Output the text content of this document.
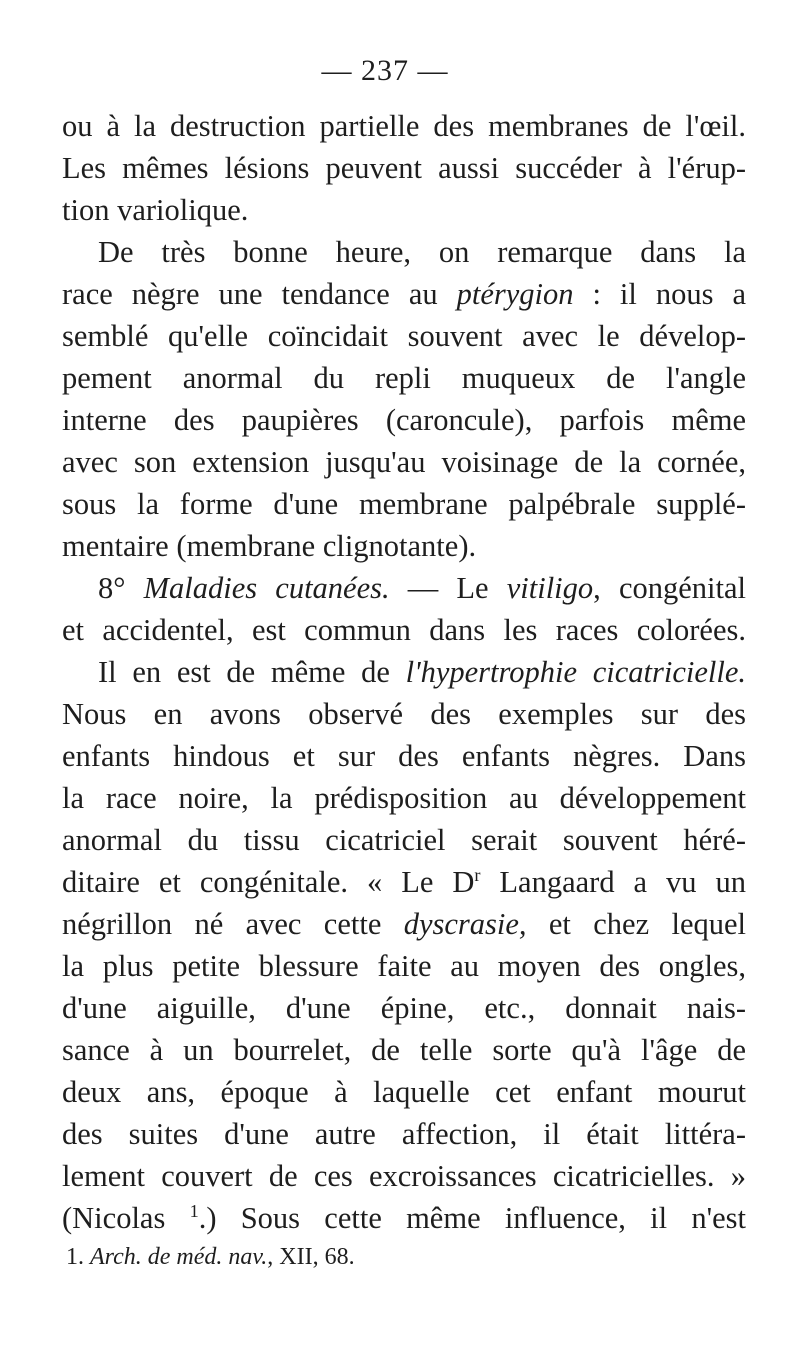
— 237 —
ou à la destruction partielle des membranes de l'œil.
Les mêmes lésions peuvent aussi succéder à l'érup-
tion variolique.
De très bonne heure, on remarque dans la
race nègre une tendance au ptérygion : il nous a
semblé qu'elle coïncidait souvent avec le dévelop-
pement anormal du repli muqueux de l'angle
interne des paupières (caroncule), parfois même
avec son extension jusqu'au voisinage de la cornée,
sous la forme d'une membrane palpébrale supplé-
mentaire (membrane clignotante).
8° Maladies cutanées. — Le vitiligo, congénital
et accidentel, est commun dans les races colorées.
Il en est de même de l'hypertrophie cicatricielle.
Nous en avons observé des exemples sur des
enfants hindous et sur des enfants nègres. Dans
la race noire, la prédisposition au développement
anormal du tissu cicatriciel serait souvent héré-
ditaire et congénitale. « Le $D^r$ Langaard a vu un
négrillon né avec cette dyscrasie, et chez lequel
la plus petite blessure faite au moyen des ongles,
d'une aiguille, d'une épine, etc., donnait nais-
sance à un bourrelet, de telle sorte qu'à l'âge de
deux ans, époque à laquelle cet enfant mourut
des suites d'une autre affection, il était littéra-
lement couvert de ces excroissances cicatricielles. »
(Nicolas $^1$.) Sous cette même influence, il n'est
1. Arch. de méd. nav., XII, 68.
